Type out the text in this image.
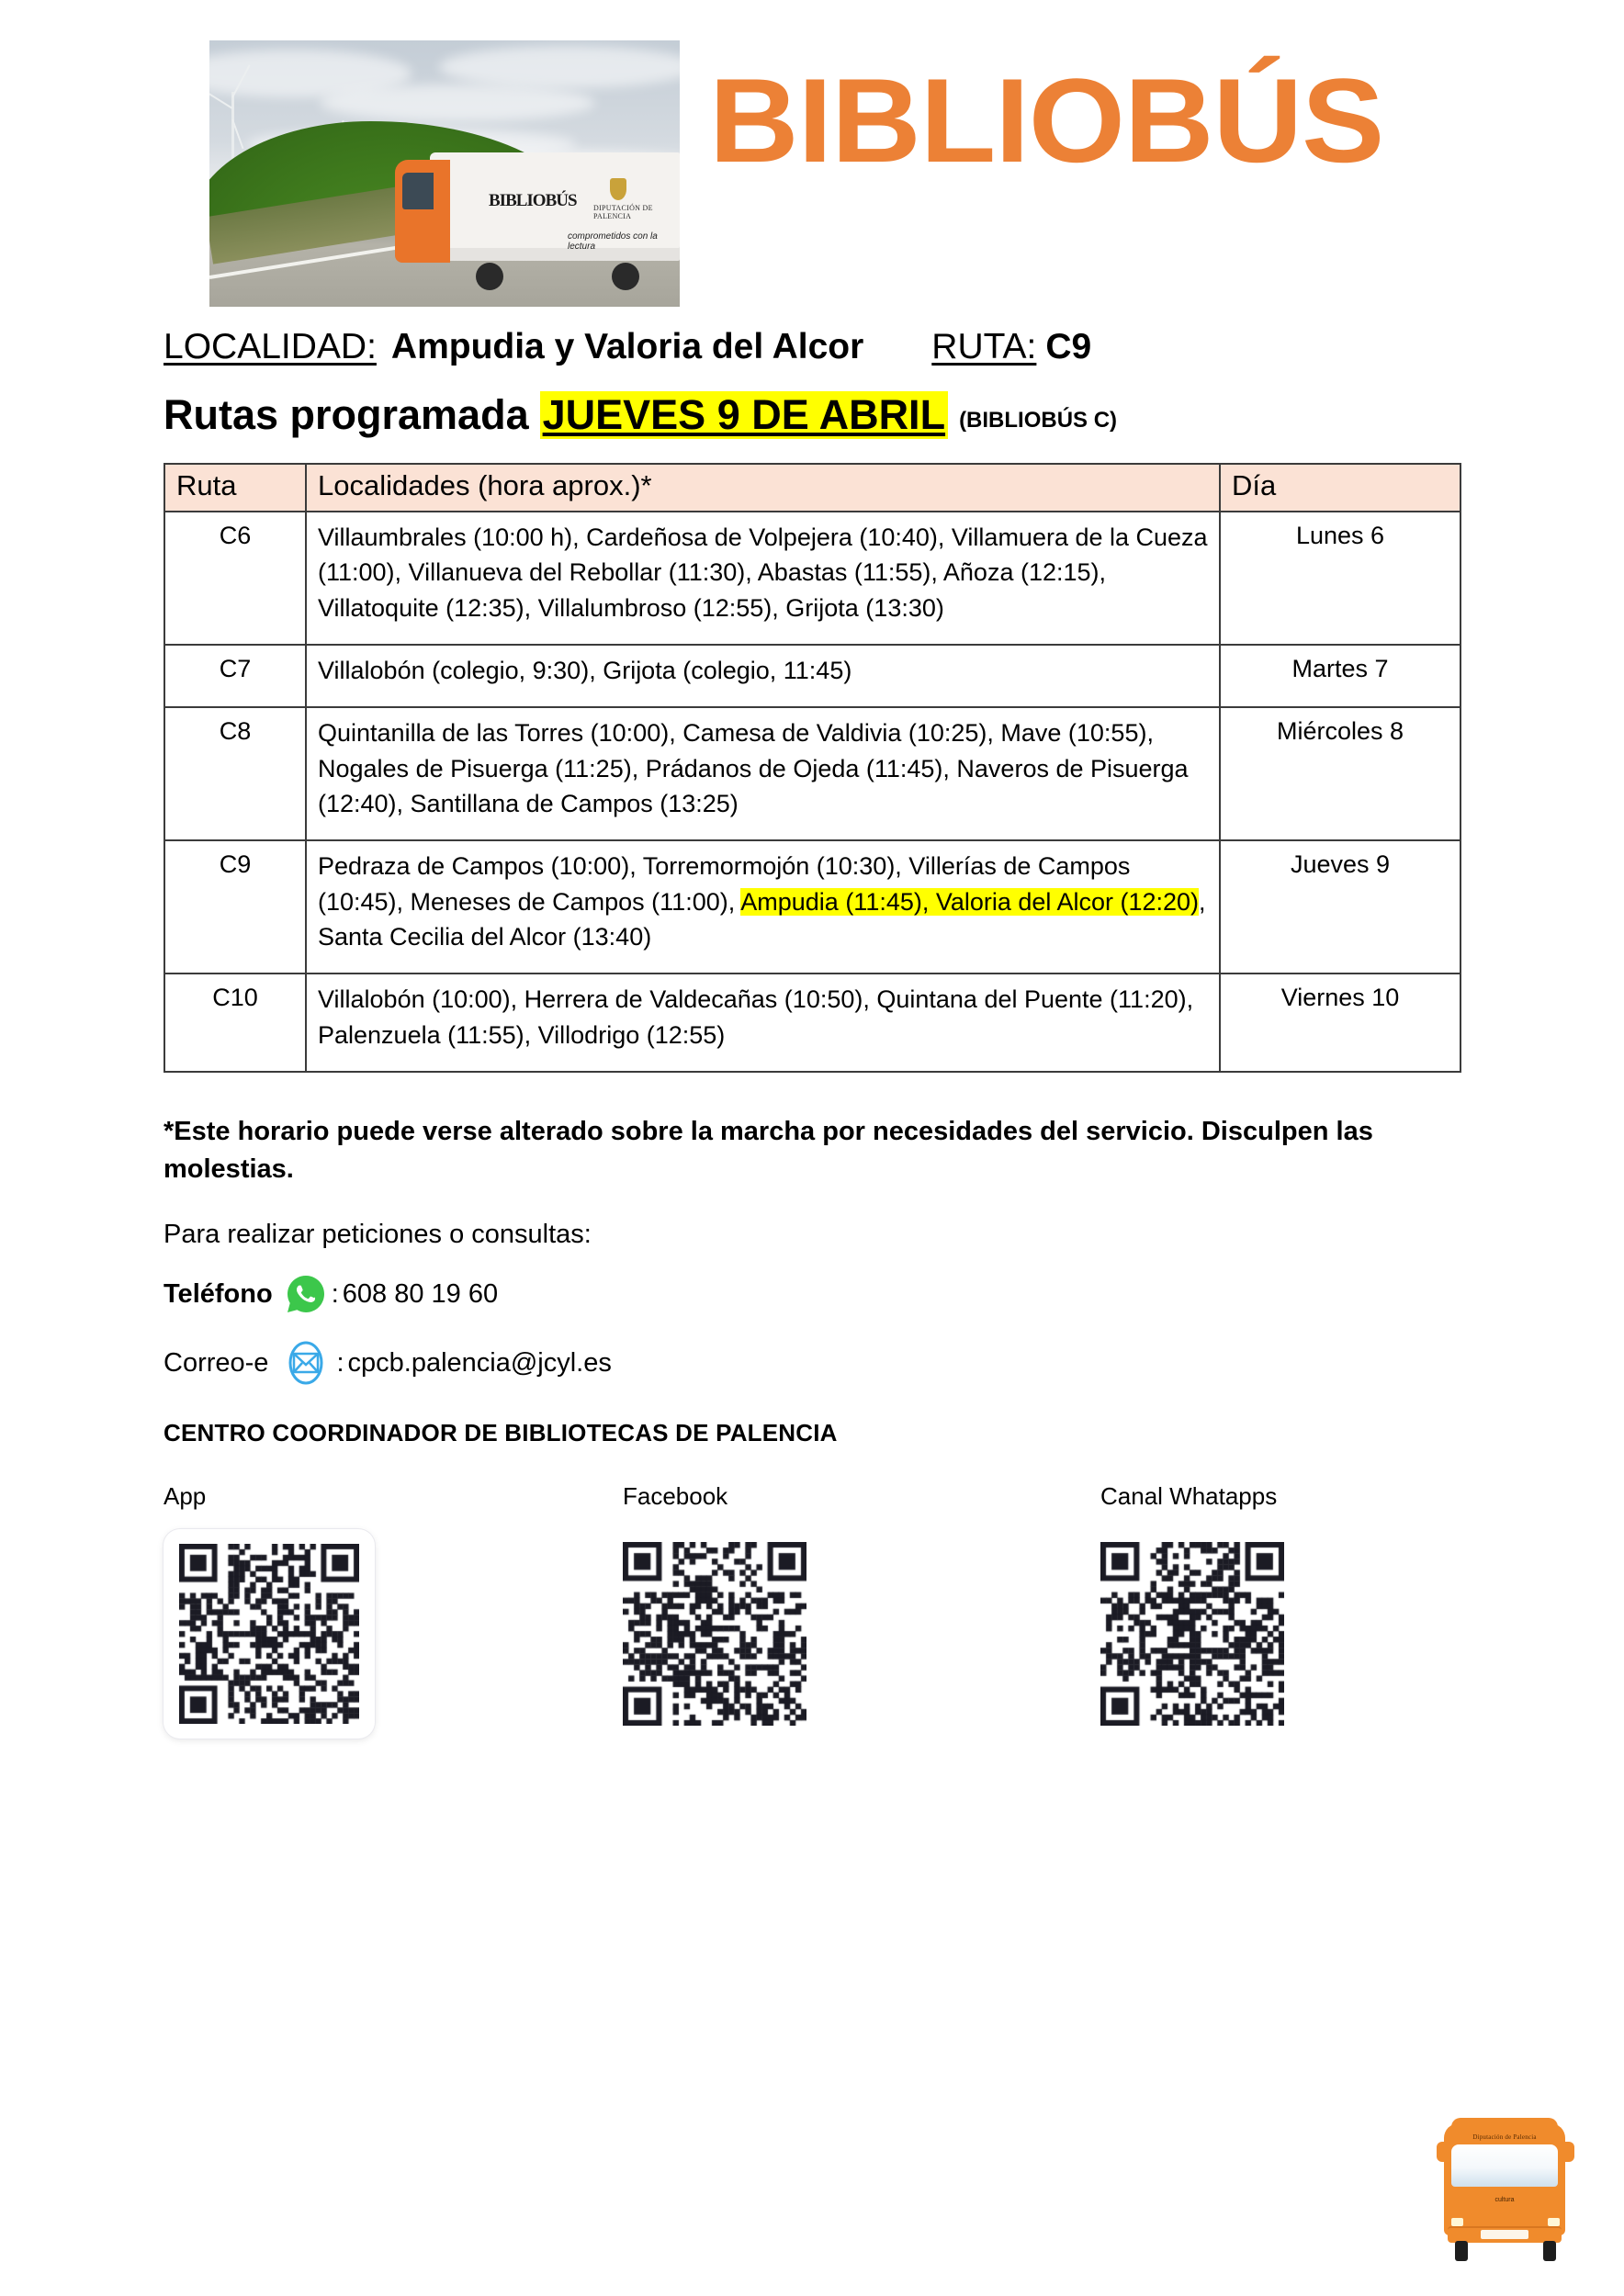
BIBLIOBÚS DIPUTACIÓN DE PALENCIA
comprometidos con la lectura
BIBLIOBÚS
LOCALIDAD: Ampudia y Valoria del Alcor RUTA: C9
Rutas programada JUEVES 9 DE ABRIL (BIBLIOBÚS C)
Ruta	Localidades (hora aprox.)*	Día
C6	Villaumbrales (10:00 h), Cardeñosa de Volpejera (10:40), Villamuera de la Cueza (11:00), Villanueva del Rebollar (11:30), Abastas (11:55), Añoza (12:15), Villatoquite (12:35), Villalumbroso (12:55), Grijota (13:30)	Lunes 6
C7	Villalobón (colegio, 9:30), Grijota (colegio, 11:45)	Martes 7
C8	Quintanilla de las Torres (10:00), Camesa de Valdivia (10:25), Mave (10:55), Nogales de Pisuerga (11:25), Prádanos de Ojeda (11:45), Naveros de Pisuerga (12:40), Santillana de Campos (13:25)	Miércoles 8
C9	Pedraza de Campos (10:00), Torremormojón (10:30), Villerías de Campos (10:45), Meneses de Campos (11:00), Ampudia (11:45), Valoria del Alcor (12:20), Santa Cecilia del Alcor (13:40)	Jueves 9
C10	Villalobón (10:00), Herrera de Valdecañas (10:50), Quintana del Puente (11:20), Palenzuela (11:55), Villodrigo (12:55)	Viernes 10
*Este horario puede verse alterado sobre la marcha por necesidades del servicio. Disculpen las molestias.
Para realizar peticiones o consultas:
Teléfono : 608 80 19 60
Correo-e	: cpcb.palencia@jcyl.es
CENTRO COORDINADOR DE BIBLIOTECAS DE PALENCIA
App	Facebook	Canal Whatapps
Diputación de Palencia
cultura
